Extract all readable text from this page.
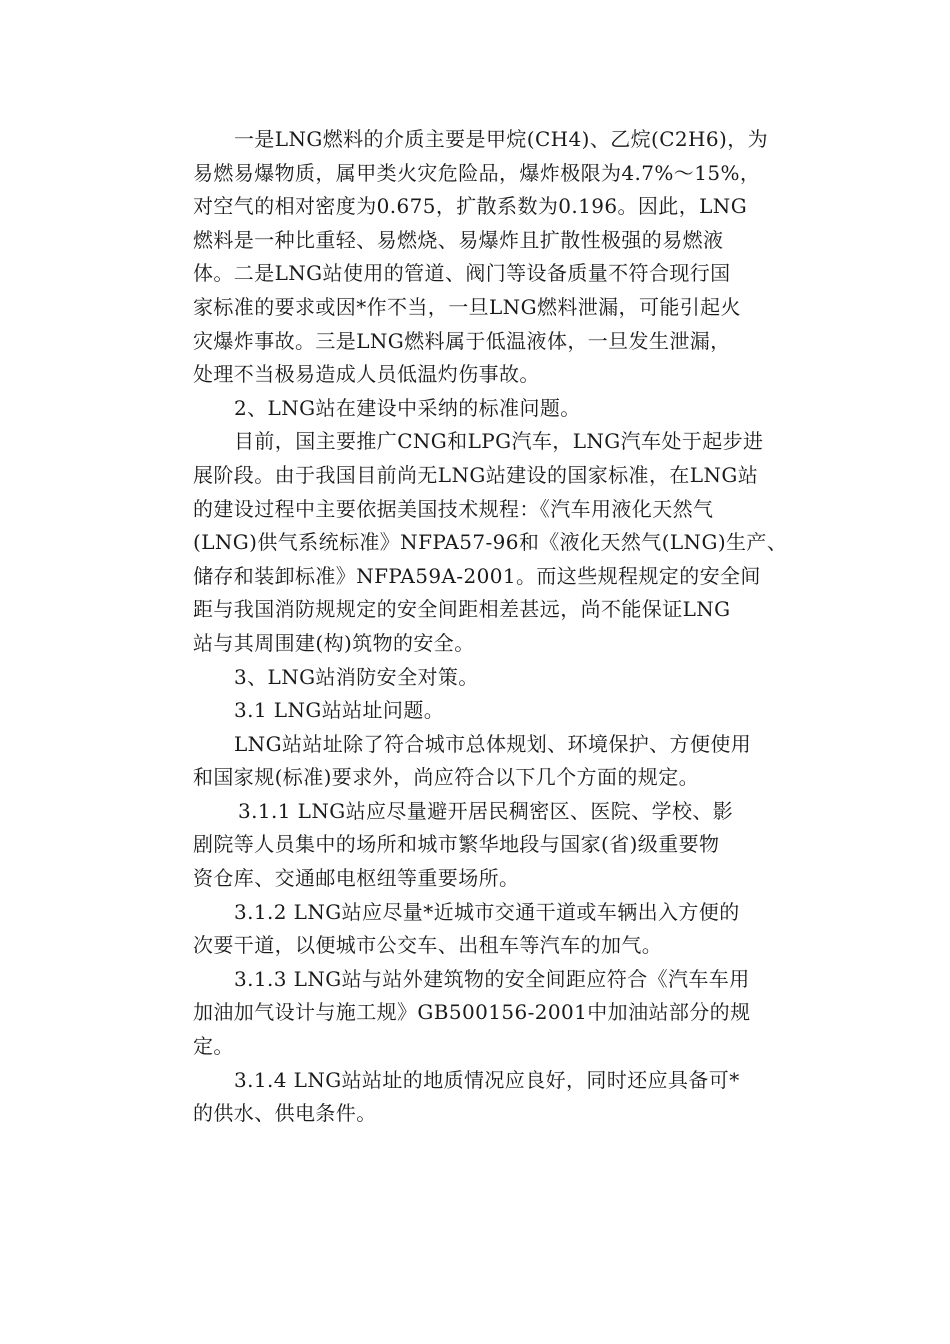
一是LNG燃料的介质主要是甲烷(CH4)、乙烷(C2H6)，为
易燃易爆物质，属甲类火灾危险品，爆炸极限为4.7%～15%，
对空气的相对密度为0.675，扩散系数为0.196。因此，LNG
燃料是一种比重轻、易燃烧、易爆炸且扩散性极强的易燃液
体。二是LNG站使用的管道、阀门等设备质量不符合现行国
家标准的要求或因*作不当，一旦LNG燃料泄漏，可能引起火
灾爆炸事故。三是LNG燃料属于低温液体，一旦发生泄漏，
处理不当极易造成人员低温灼伤事故。
2、LNG站在建设中采纳的标准问题。
目前，国主要推广CNG和LPG汽车，LNG汽车处于起步进
展阶段。由于我国目前尚无LNG站建设的国家标准，在LNG站
的建设过程中主要依据美国技术规程：《汽车用液化天然气
(LNG)供气系统标准》NFPA57-96和《液化天然气(LNG)生产、
储存和装卸标准》NFPA59A-2001。而这些规程规定的安全间
距与我国消防规规定的安全间距相差甚远，尚不能保证LNG
站与其周围建(构)筑物的安全。
3、LNG站消防安全对策。
3.1 LNG站站址问题。
LNG站站址除了符合城市总体规划、环境保护、方便使用
和国家规(标准)要求外，尚应符合以下几个方面的规定。
3.1.1 LNG站应尽量避开居民稠密区、医院、学校、影
剧院等人员集中的场所和城市繁华地段与国家(省)级重要物
资仓库、交通邮电枢纽等重要场所。
3.1.2 LNG站应尽量*近城市交通干道或车辆出入方便的
次要干道，以便城市公交车、出租车等汽车的加气。
3.1.3 LNG站与站外建筑物的安全间距应符合《汽车车用
加油加气设计与施工规》GB500156-2001中加油站部分的规
定。
3.1.4 LNG站站址的地质情况应良好，同时还应具备可*
的供水、供电条件。
